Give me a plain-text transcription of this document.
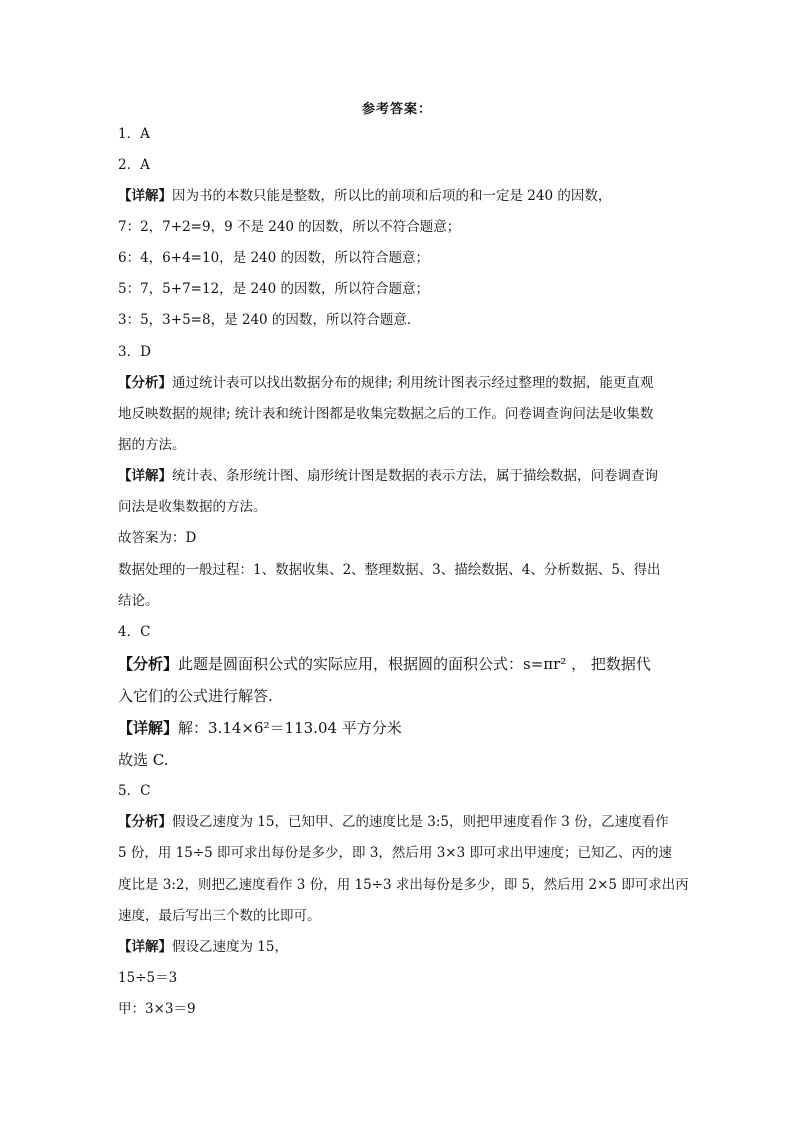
参考答案：
1．A
2．A
【详解】因为书的本数只能是整数，所以比的前项和后项的和一定是 240 的因数，
7：2，7+2=9，9 不是 240 的因数，所以不符合题意；
6：4，6+4=10，是 240 的因数，所以符合题意；
5：7，5+7=12，是 240 的因数，所以符合题意；
3：5，3+5=8，是 240 的因数，所以符合题意．
3．D
【分析】通过统计表可以找出数据分布的规律; 利用统计图表示经过整理的数据，能更直观
地反映数据的规律; 统计表和统计图都是收集完数据之后的工作。问卷调查询问法是收集数
据的方法。
【详解】统计表、条形统计图、扇形统计图是数据的表示方法，属于描绘数据，问卷调查询
问法是收集数据的方法。
故答案为：D
数据处理的一般过程：1、数据收集、2、整理数据、3、描绘数据、4、分析数据、5、得出
结论。
4．C
【分析】此题是圆面积公式的实际应用，根据圆的面积公式：s=πr² ， 把数据代
入它们的公式进行解答.
【详解】解：3.14×6²＝113.04 平方分米
故选 C.
5．C
【分析】假设乙速度为 15，已知甲、乙的速度比是 3:5，则把甲速度看作 3 份，乙速度看作
5 份，用 15÷5 即可求出每份是多少，即 3，然后用 3×3 即可求出甲速度；已知乙、丙的速
度比是 3:2，则把乙速度看作 3 份，用 15÷3 求出每份是多少，即 5，然后用 2×5 即可求出丙
速度，最后写出三个数的比即可。
【详解】假设乙速度为 15，
15÷5＝3
甲：3×3＝9
